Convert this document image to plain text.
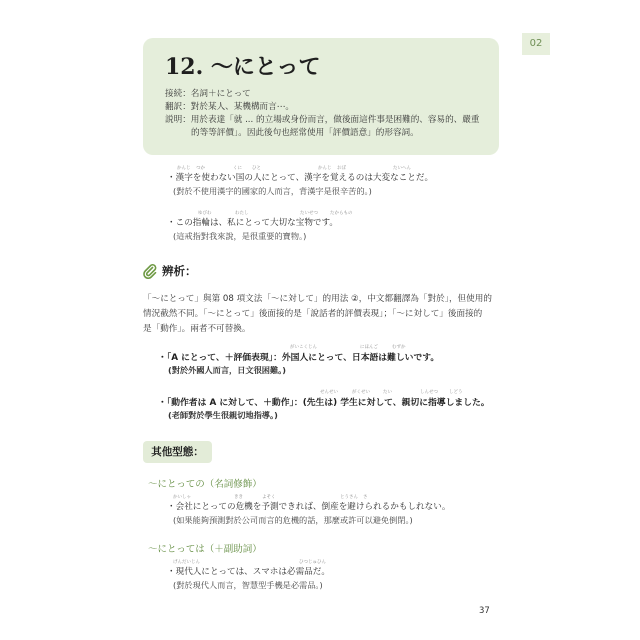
02
12. 〜にとって
接続：名詞＋にとって
翻訳：對於某人、某機構而言⋯。
説明：用於表達「就 ... 的立場或身份而言，做後面這件事是困難的、容易的、嚴重
的等等評價」。因此後句也經常使用「評價語意」的形容詞。
・漢字を使わない国の人にとって、漢字を覚えるのは大変なことだ。
(對於不使用漢字的國家的人而言，背漢字是很辛苦的。)
・この指輪は、私にとって大切な宝物です。
(這戒指對我來說，是很重要的寶物。)
辨析：
「〜にとって」與第 08 項文法「〜に対して」的用法 ②，中文都翻譯為「對於」，但使用的
情況截然不同。「〜にとって」後面接的是「說話者的評價表現」；「〜に対して」後面接的
是「動作」。兩者不可替換。
・「A にとって、＋評価表現」：外国人にとって、日本語は難しいです。
(對於外國人而言，日文很困難。)
・「動作者は A に対して、＋動作」：(先生は) 学生に対して、親切に指導しました。
(老師對於學生很親切地指導。)
其他型態：
〜にとっての（名詞修飾）
・会社にとっての危機を予測できれば、倒産を避けられるかもしれない。
(如果能夠預測對於公司而言的危機的話，那麼或許可以避免倒閉。)
〜にとっては（＋副助詞）
・現代人にとっては、スマホは必需品だ。
(對於現代人而言，智慧型手機是必需品。)
37
かんじ つか	くに ひと	かんじ おぼ	たいへん
ゆびわ	わたし	たいせつ	たからもの
がいこくじん	にほんご	むずか
せんせい	がくせい	たい	しんせつ しどう
かいしゃ	きき	よそく	とうさん さ
げんだいじん	ひつじゅひん
